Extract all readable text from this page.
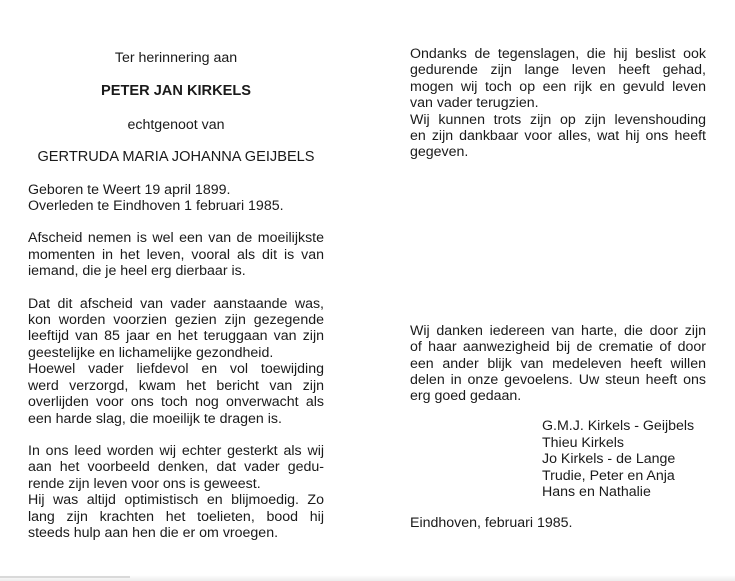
Ter herinnering aan
PETER JAN KIRKELS
echtgenoot van
GERTRUDA MARIA JOHANNA GEIJBELS
Geboren te Weert 19 april 1899.
Overleden te Eindhoven 1 februari 1985.
Afscheid nemen is wel een van de moeilijkste
momenten in het leven, vooral als dit is van
iemand, die je heel erg dierbaar is.
Dat dit afscheid van vader aanstaande was,
kon worden voorzien gezien zijn gezegende
leeftijd van 85 jaar en het teruggaan van zijn
geestelijke en lichamelijke gezondheid.
Hoewel vader liefdevol en vol toewijding
werd verzorgd, kwam het bericht van zijn
overlijden voor ons toch nog onverwacht als
een harde slag, die moeilijk te dragen is.
In ons leed worden wij echter gesterkt als wij
aan het voorbeeld denken, dat vader gedu-
rende zijn leven voor ons is geweest.
Hij was altijd optimistisch en blijmoedig. Zo
lang zijn krachten het toelieten, bood hij
steeds hulp aan hen die er om vroegen.
Ondanks de tegenslagen, die hij beslist ook
gedurende zijn lange leven heeft gehad,
mogen wij toch op een rijk en gevuld leven
van vader terugzien.
Wij kunnen trots zijn op zijn levenshouding
en zijn dankbaar voor alles, wat hij ons heeft
gegeven.
Wij danken iedereen van harte, die door zijn
of haar aanwezigheid bij de crematie of door
een ander blijk van medeleven heeft willen
delen in onze gevoelens. Uw steun heeft ons
erg goed gedaan.
Eindhoven, februari 1985.
G.M.J. Kirkels - Geijbels
Thieu Kirkels
Jo Kirkels - de Lange
Trudie, Peter en Anja
Hans en Nathalie
